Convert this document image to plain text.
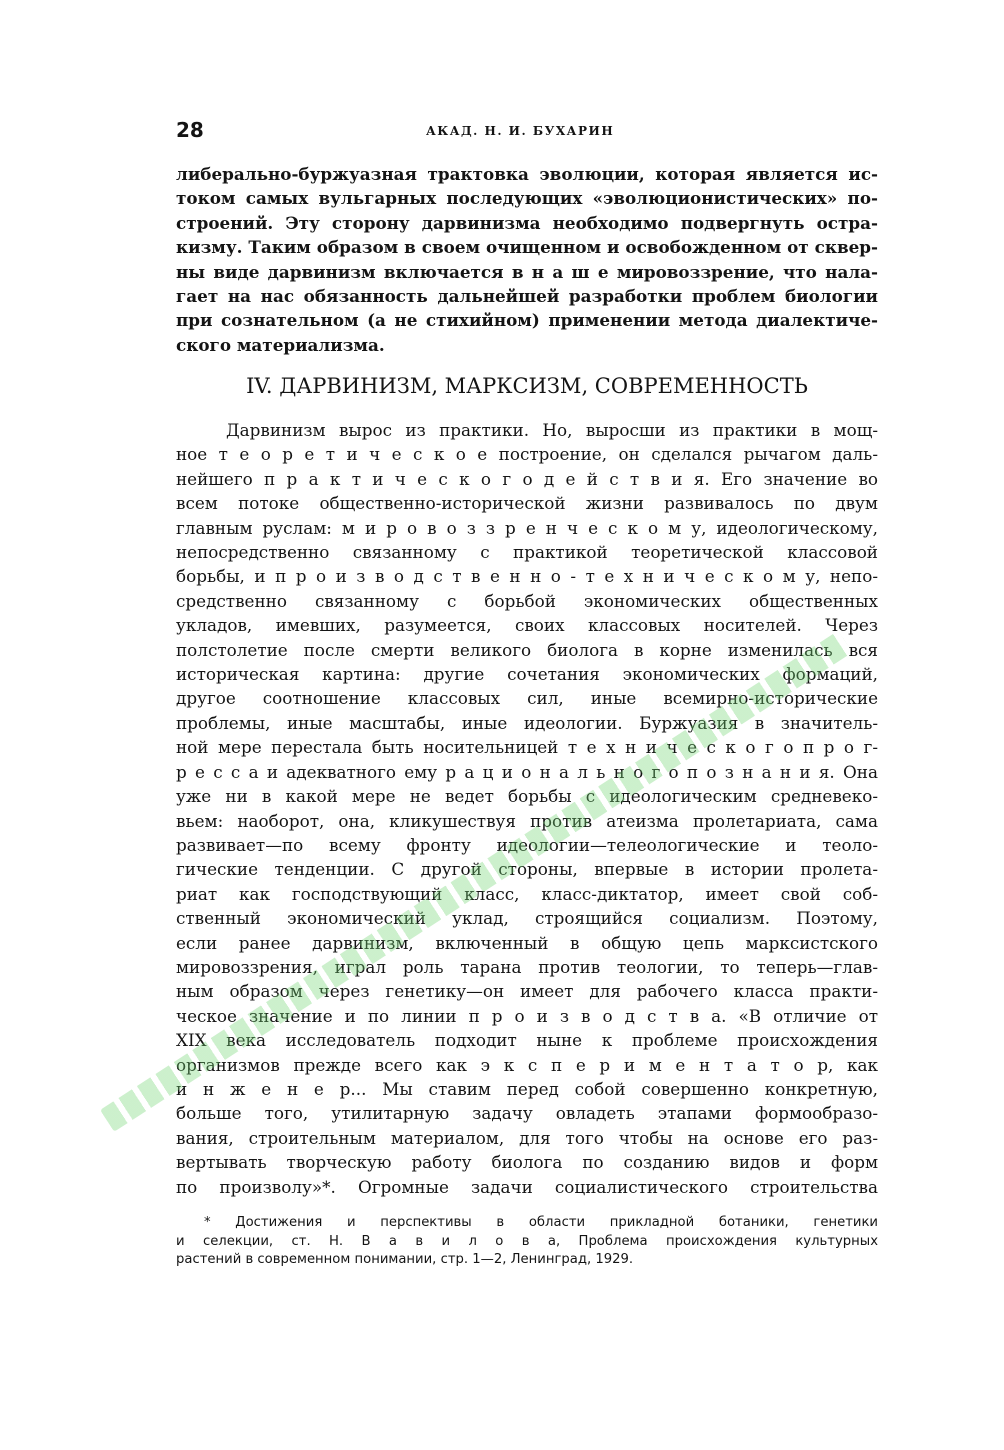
28	АКАД. Н. И. БУХАРИН

либерально-буржуазная трактовка эволюции, которая является ис-
током самых вульгарных последующих «эволюционистических» по-
строений. Эту сторону дарвинизма необходимо подвергнуть остра-
кизму. Таким образом в своем очищенном и освобожденном от сквер-
ны виде дарвинизм включается в н а ш е мировоззрение, что нала-
гает на нас обязанность дальнейшей разработки проблем биологии
при сознательном (а не стихийном) применении метода диалектиче-
ского материализма.

IV. ДАРВИНИЗМ, МАРКСИЗМ, СОВРЕМЕННОСТЬ

Дарвинизм вырос из практики. Но, выросши из практики в мощ-
ное т е о р е т и ч е с к о е построение, он сделался рычагом даль-
нейшего п р а к т и ч е с к о г о д е й с т в и я. Его значение во
всем потоке общественно-исторической жизни развивалось по двум
главным руслам: м и р о в о з з р е н ч е с к о м у, идеологическому,
непосредственно связанному с практикой теоретической классовой
борьбы, и п р о и з в о д с т в е н н о - т е х н и ч е с к о м у, непо-
средственно связанному с борьбой экономических общественных
укладов, имевших, разумеется, своих классовых носителей. Через
полстолетие после смерти великого биолога в корне изменилась вся
историческая картина: другие сочетания экономических формаций,
другое соотношение классовых сил, иные всемирно-исторические
проблемы, иные масштабы, иные идеологии. Буржуазия в значитель-
ной мере перестала быть носительницей т е х н и ч е с к о г о п р о г-
р е с с а и адекватного ему р а ц и о н а л ь н о г о п о з н а н и я. Она
уже ни в какой мере не ведет борьбы с идеологическим средневеко-
вьем: наоборот, она, кликушествуя против атеизма пролетариата, сама
развивает—по всему фронту идеологии—телеологические и теоло-
гические тенденции. С другой стороны, впервые в истории пролета-
риат как господствующий класс, класс-диктатор, имеет свой соб-
ственный экономический уклад, строящийся социализм. Поэтому,
если ранее дарвинизм, включенный в общую цепь марксистского
мировоззрения, играл роль тарана против теологии, то теперь—глав-
ным образом через генетику—он имеет для рабочего класса практи-
ческое значение и по линии п р о и з в о д с т в а. «В отличие от
XIX века исследователь подходит ныне к проблеме происхождения
организмов прежде всего как э к с п е р и м е н т а т о р, как
и н ж е н е р... Мы ставим перед собой совершенно конкретную,
больше того, утилитарную задачу овладеть этапами формообразо-
вания, строительным материалом, для того чтобы на основе его раз-
вертывать творческую работу биолога по созданию видов и форм
по произволу»*. Огромные задачи социалистического строительства

* Достижения и перспективы в области прикладной ботаники, генетики
и селекции, ст. Н. В а в и л о в а, Проблема происхождения культурных
растений в современном понимании, стр. 1—2, Ленинград, 1929.
